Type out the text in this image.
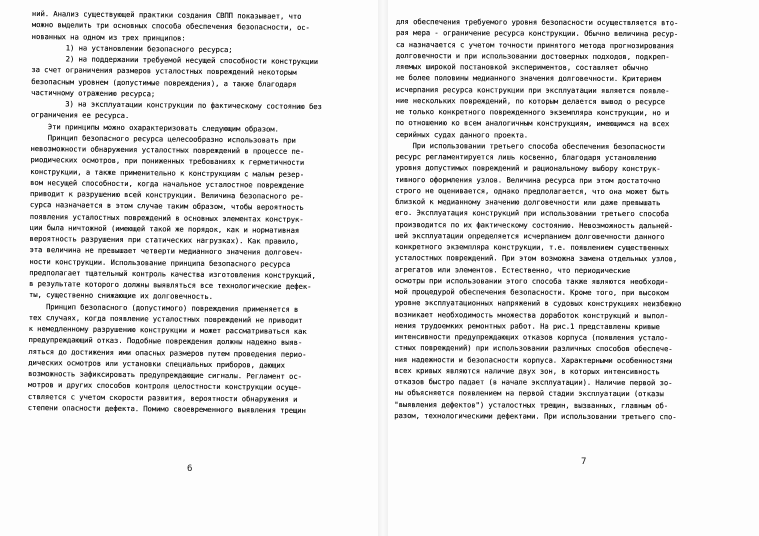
ний. Анализ существующей практики создания СВПП показывает, что
можно выделить три основных способа обеспечения безопасности, ос-
нованных на одном из трех принципов:
1) на установлении безопасного ресурса;
2) на поддержании требуемой несущей способности конструкции
за счет ограничения размеров усталостных повреждений некоторым
безопасным уровнем (допустимые повреждения), а также благодаря
частичному отражению ресурса;
3) на эксплуатации конструкции по фактическому состоянию без
ограничения ее ресурса.
Эти принципы можно охарактеризовать следующим образом.
Принцип безопасного ресурса целесообразно использовать при
невозможности обнаружения усталостных повреждений в процессе пе-
риодических осмотров, при пониженных требованиях к герметичности
конструкции, а также применительно к конструкциям с малым резер-
вом несущей способности, когда начальное усталостное повреждение
приводит к разрушению всей конструкции. Величина безопасного ре-
сурса назначается в этом случае таким образом, чтобы вероятность
появления усталостных повреждений в основных элементах конструк-
ции была ничтожной (имеющей такой же порядок, как и нормативная
вероятность разрушения при статических нагрузках). Как правило,
эта величина не превышает четверти медианного значения долговеч-
ности конструкции. Использование принципа безопасного ресурса
предполагает тщательный контроль качества изготовления конструкций,
в результате которого должны выявляться все технологические дефек-
ты, существенно снижающие их долговечность.
Принцип безопасного (допустимого) повреждения применяется в
тех случаях, когда появление усталостных повреждений не приводит
к немедленному разрушению конструкции и может рассматриваться как
предупреждающий отказ. Подобные повреждения должны надежно выяв-
ляться до достижения ими опасных размеров путем проведения перио-
дических осмотров или установки специальных приборов, дающих
возможность зафиксировать предупреждающие сигналы. Регламент ос-
мотров и других способов контроля целостности конструкции осуще-
ствляется с учетом скорости развития, вероятности обнаружения и
степени опасности дефекта. Помимо своевременного выявления трещин
6
для обеспечения требуемого уровня безопасности осуществляется вто-
рая мера - ограничение ресурса конструкции. Обычно величина ресур-
са назначается с учетом точности принятого метода прогнозирования
долговечности и при использовании достоверных подходов, подкреп-
ляемых широкой постановкой экспериментов, составляет обычно
не более половины медианного значения долговечности. Критерием
исчерпания ресурса конструкции при эксплуатации является появле-
ние нескольких повреждений, по которым делается вывод о ресурсе
не только конкретного поврежденного экземпляра конструкции, но и
по отношению ко всем аналогичным конструкциям, имеющимся на всех
серийных судах данного проекта.
При использовании третьего способа обеспечения безопасности
ресурс регламентируется лишь косвенно, благодаря установлению
уровня допустимых повреждений и рациональному выбору конструк-
тивного оформления узлов. Величина ресурса при этом достаточно
строго не оценивается, однако предполагается, что она может быть
близкой к медианному значению долговечности или даже превышать
его. Эксплуатация конструкций при использовании третьего способа
производится по их фактическому состоянию. Невозможность дальней-
шей эксплуатации определяется исчерпанием долговечности данного
конкретного экземпляра конструкции, т.е. появлением существенных
усталостных повреждений. При этом возможна замена отдельных узлов,
агрегатов или элементов. Естественно, что периодические
осмотры при использовании этого способа также являются необходи-
мой процедурой обеспечения безопасности. Кроме того, при высоком
уровне эксплуатационных напряжений в судовых конструкциях неизбежно
возникает необходимость множества доработок конструкций и выпол-
нения трудоемких ремонтных работ. На рис.1 представлены кривые
интенсивности предупреждающих отказов корпуса (появления устало-
стных повреждений) при использовании различных способов обеспече-
ния надежности и безопасности корпуса. Характерными особенностями
всех кривых являются наличие двух зон, в которых интенсивность
отказов быстро падает (в начале эксплуатации). Наличие первой зо-
ны объясняется появлением на первой стадии эксплуатации (отказы
"выявления дефектов") усталостных трещин, вызванных, главным об-
разом, технологическими дефектами. При использовании третьего спо-
7
